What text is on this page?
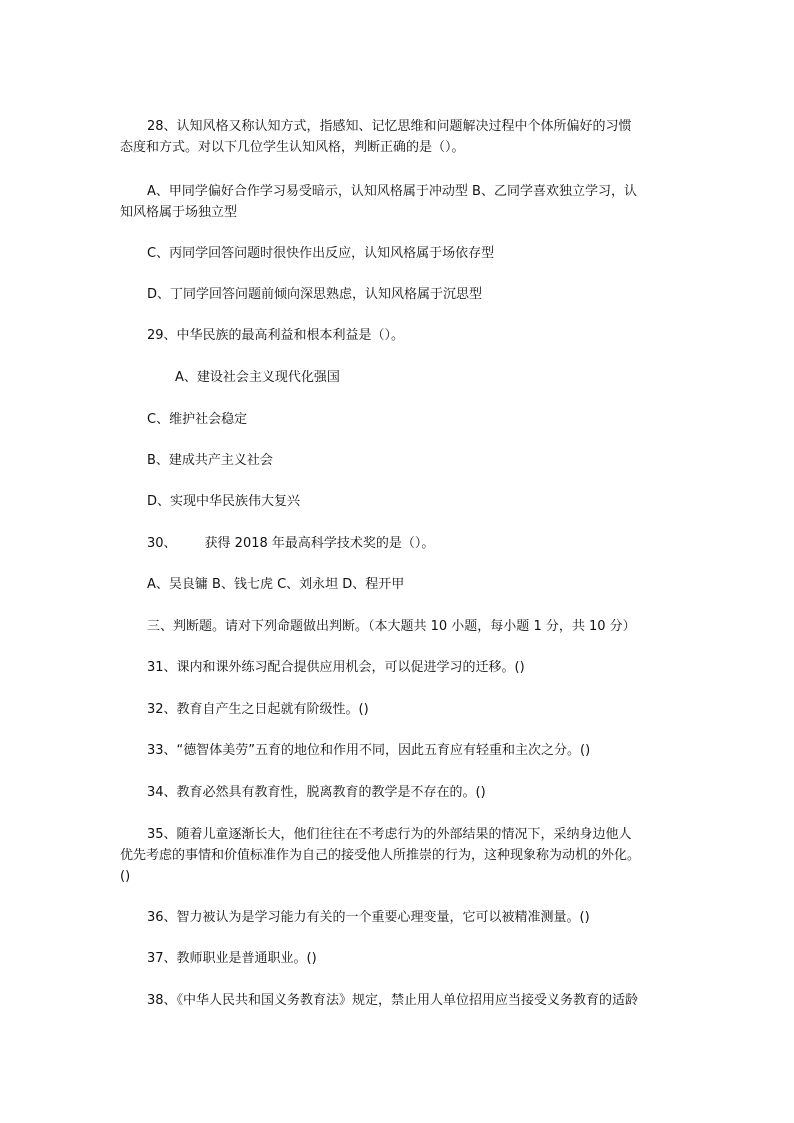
28、认知风格又称认知方式，指感知、记忆思维和问题解决过程中个体所偏好的习惯
态度和方式。对以下几位学生认知风格，判断正确的是（）。
A、甲同学偏好合作学习易受暗示，认知风格属于冲动型 B、乙同学喜欢独立学习，认
知风格属于场独立型
C、丙同学回答问题时很快作出反应，认知风格属于场依存型
D、丁同学回答问题前倾向深思熟虑，认知风格属于沉思型
29、中华民族的最高利益和根本利益是（）。
A、建设社会主义现代化强国
C、维护社会稳定
B、建成共产主义社会
D、实现中华民族伟大复兴
30、 获得 2018 年最高科学技术奖的是（）。
A、吴良镛 B、钱七虎 C、刘永坦 D、程开甲
三、判断题。请对下列命题做出判断。（本大题共 10 小题，每小题 1 分，共 10 分）
31、课内和课外练习配合提供应用机会，可以促进学习的迁移。()
32、教育自产生之日起就有阶级性。()
33、“德智体美劳”五育的地位和作用不同，因此五育应有轻重和主次之分。()
34、教育必然具有教育性，脱离教育的教学是不存在的。()
35、随着儿童逐渐长大，他们往往在不考虑行为的外部结果的情况下，采纳身边他人
优先考虑的事情和价值标准作为自己的接受他人所推崇的行为，这种现象称为动机的外化。
()
36、智力被认为是学习能力有关的一个重要心理变量，它可以被精准测量。()
37、教师职业是普通职业。()
38、《中华人民共和国义务教育法》规定，禁止用人单位招用应当接受义务教育的适龄
